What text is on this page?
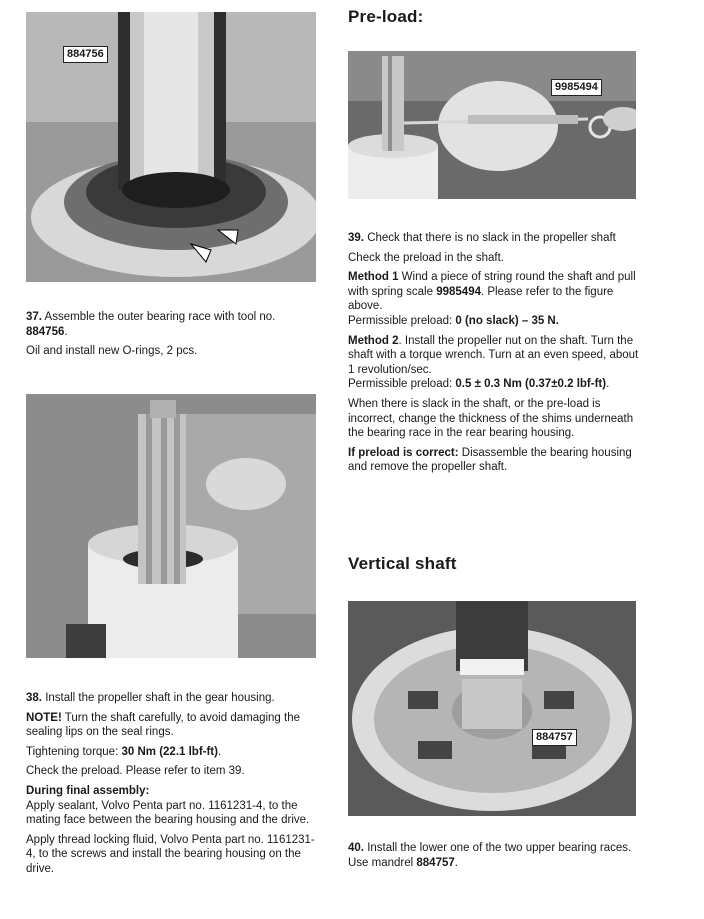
884756

37. Assemble the outer bearing race with tool no.
884756.

Oil and install new O-rings, 2 pcs.

38. Install the propeller shaft in the gear housing.

NOTE! Turn the shaft carefully, to avoid damaging the sealing lips on the seal rings.

Tightening torque: 30 Nm (22.1 lbf-ft).

Check the preload. Please refer to item 39.

During final assembly:

Apply sealant, Volvo Penta part no. 1161231-4, to the mating face between the bearing housing and the drive.

Apply thread locking fluid, Volvo Penta part no. 1161231-4, to the screws and install the bearing housing on the drive.

Pre-load:
9985494

39. Check that there is no slack in the propeller shaft

Check the preload in the shaft.

Method 1 Wind a piece of string round the shaft and pull with spring scale 9985494. Please refer to the figure above.

Permissible preload: 0 (no slack) – 35 N.

Method 2. Install the propeller nut on the shaft. Turn the shaft with a torque wrench. Turn at an even speed, about 1 revolution/sec.

Permissible preload: 0.5 ± 0.3 Nm (0.37±0.2 lbf-ft).

When there is slack in the shaft, or the pre-load is incorrect, change the thickness of the shims underneath the bearing race in the rear bearing housing.

If preload is correct: Disassemble the bearing housing and remove the propeller shaft.

Vertical shaft
884757

40. Install the lower one of the two upper bearing races. Use mandrel 884757.
